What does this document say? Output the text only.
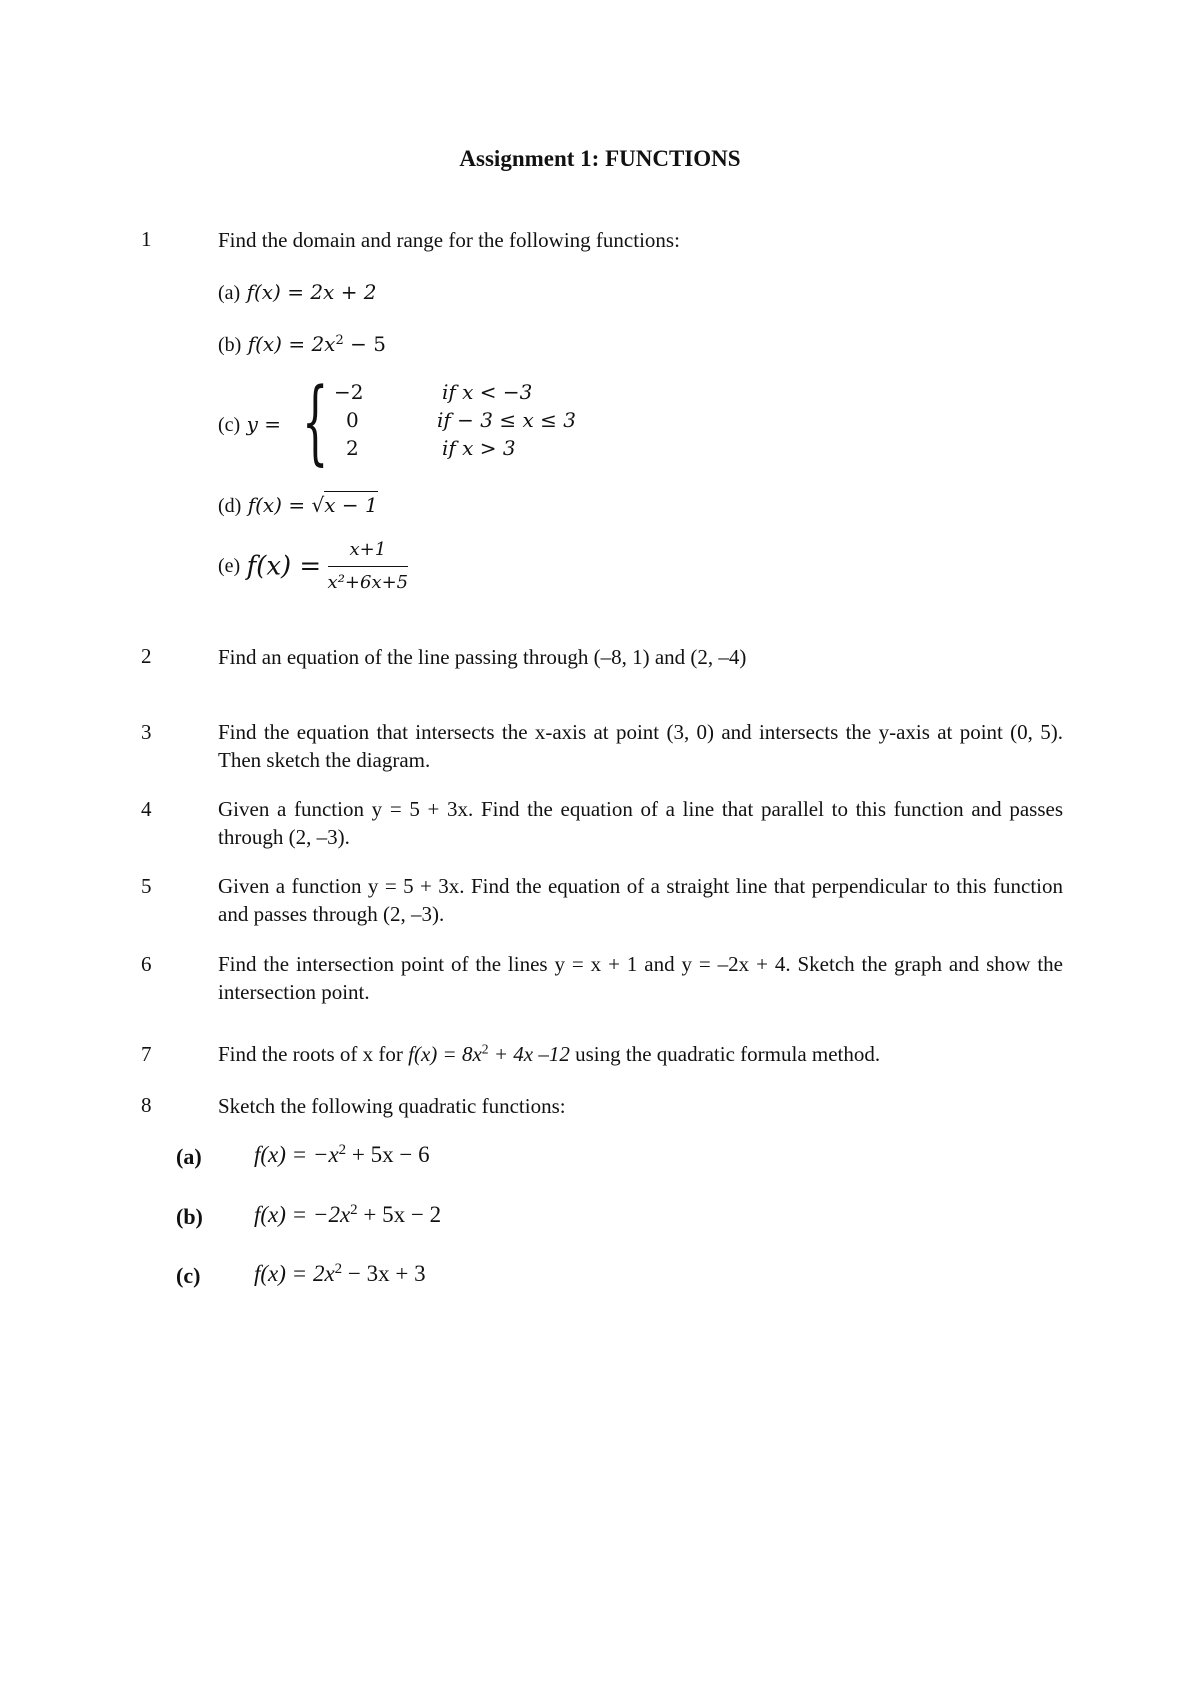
Assignment 1: FUNCTIONS
1	Find the domain and range for the following functions:
(a) f(x) = 2x + 2
(b) $f(x) = 2x^2 - 5$
(c) y = { −2	if x < −3
0	if − 3 ≤ x ≤ 3
2	if x > 3
(d) f(x) = √x − 1
(e) $f(x) = \frac{x+1}{\text{x²+6x+5}}$
2	Find an equation of the line passing through (–8, 1) and (2, –4)
3	Find the equation that intersects the x-axis at point (3, 0) and intersects the y-axis at point (0, 5). Then sketch the diagram.
4	Given a function y = 5 + 3x. Find the equation of a line that parallel to this function and passes through (2, –3).
5	Given a function y = 5 + 3x. Find the equation of a straight line that perpendicular to this function and passes through (2, –3).
6	Find the intersection point of the lines y = x + 1 and y = –2x + 4. Sketch the graph and show the intersection point.
7	Find the roots of x for $f(x) = 8x^2 + 4x$ –12 using the quadratic formula method.
8	Sketch the following quadratic functions:
(a) $f(x) = -x^2 + 5x - 6$
(b) $f(x) = -2x^2 + 5x - 2$
(c) $f(x) = 2x^2 - 3x + 3$
